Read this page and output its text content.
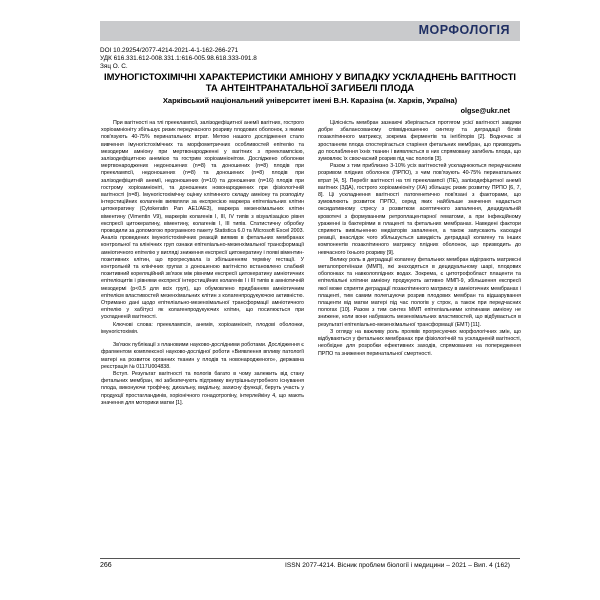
МОРФОЛОГІЯ
DOI 10.29254/2077-4214-2021-4-1-162-266-271
УДК 616.331.612-008.331.1:616-005.98.618.333-091.8
Зяц О. С.
ІМУНОГІСТОХІМІЧНІ ХАРАКТЕРИСТИКИ АМНІОНУ У ВИПАДКУ УСКЛАДНЕНЬ ВАГІТНОСТІ ТА АНТЕІНТРАНАТАЛЬНОЇ ЗАГИБЕЛІ ПЛОДА
Харківський національний університет імені В.Н. Каразіна (м. Харків, Україна)
olgse@ukr.net

При вагітності на тлі прееклампсії, залізодефіцитної анемії вагітних, гострого хоріоамніоніту збільшує ризик передчасного розриву плодових оболонок, з якими пов'язують 40-75% перинатальних втрат. Метою нашого дослідження стало вивчення імуногістохімічних та морфометричних особливостей епітелію та мезодерми амніону при мертвонародженні у вагітних з прееклампсією, залізодефіцитною анемією та гострим хоріоамніонітом. Досліджено оболонки мертвонароджених недоношених (n=8) та доношених (n=8) плодів при прееклампсії, недоношених (n=8) та доношених (n=8) плодів при залізодефіцитній анемії, недоношених (n=10) та доношених (n=16) плодів при гострому хоріоамніоніті, та доношених новонароджених при фізіологічній вагітності (n=8). Імуногістохімічну оцінку клітинного складу амніону та розподілу інтерстиційних колагенів виявляли за експресією маркера епітеліальних клітин цитокератину (Cytokeratin Pan AE1/AE3), маркера мезенхімальних клітин віментину (Vimentin V9), маркерів колагенів I, III, IV типів з візуалізацією рівня експресії цитокератину, віментину, колагенів I, III типів. Статистичну обробку проводили за допомогою програмного пакету Statistica 6.0 та Microsoft Excel 2003. Аналіз проведених імуногістохімічних реакцій виявив в фетальних мембранах контрольної та клінічних груп ознаки епітеліально-мезенхімальної трансформації амніотичного епітелію у вигляді зниження експресії цитокератину і появі віментин-позитивних клітин, що прогресувала із збільшенням терміну гестації. У контрольній та клінічних групах з доношеною вагітністю встановлено слабкий позитивний кореляційний зв'язок між рівнями експресії цитокератину амніотичних епітеліоцитів і рівнями експресії інтерстиційних колагенів I і III типів в амніотичній мезодермі (p<0,5 для всіх груп), що обумовлено придбанням амніотичним епітелієм властивостей мезенхімальних клітин з колагенпродукуючою активністю. Отримано дані щодо епітеліально-мезенхімальної трансформації амніотичного епітелію у хабітусі як колагенпродукуючих клітин, що посилюється при ускладненій вагітності.

Ключові слова: прееклампсія, анемія, хоріоамніоніт, плодові оболонки, імуногістохімія.

Зв'язок публікації з плановими науково-дослідними роботами. Дослідження є фрагментом комплексної науково-дослідної роботи «Виявлення впливу патології матері на розвиток органних тканин у плодів та новонародженого», державна реєстрація № 0117U004838.

Вступ. Результат вагітності та пологів багато в чому залежить від стану фетальних мембран, які забезпечують підтримку внутрішньоутробного існування плода, виконуючи трофічну, дихальну, видільну, захисну функції, беруть участь у продукції простагландинів, хоріонічного гонадотропіну, інтерлейкіну 4, що мають значення для моторики матки [1].

Цілісність мембран зазнаючі зберігається протягом усієї вагітності завдяки добре збалансованому співвідношенню синтезу та деградації білків позаклітинного матриксу, зокрема ферментів та інгібіторів [2]. Водночас зі зростанням плода спостерігається старіння фетальних мембран, що призводить до послаблення їхніх тканин і виявляється в них спрямовану загибель плода, що зумовлює їх своєчасний розрив під час пологів [3].

Разом з тим приблизно 3-10% усіх вагітностей ускладнюються передчасним розривом плідних оболонок (ПРПО), з чим пов'язують 40-75% перинатальних втрат [4, 5]. Перебіг вагітності на тлі прееклампсії (ПЕ), залізодефіцитної анемії вагітних (ЗДА), гострого хоріоамніоніту (ХА) збільшує ризик розвитку ПРПО [6, 7, 8]. Ці ускладнення вагітності патогенетично пов'язані з факторами, що зумовлюють розвиток ПРПО, серед яких найбільше значення надається оксидативному стресу з розвитком асептичного запалення, децидуальній кровотечі з формуванням ретроплацентарної гематоми, а при інфекційному ураженні із бактеріями в плаценті та фетальних мембранах. Наведені фактори сприяють вивільненню медіаторів запалення, а також запускають каскадні реакції, внаслідок чого збільшується швидкість деградації колагену та інших компонентів позаклітинного матриксу плідних оболонок, що призводить до невчасного їхнього розриву [9].

Велику роль в деградації колагену фетальних мембран відіграють матриксні металопротеїнази (ММП), які знаходяться в децидуальному шарі, плодових оболонках та навколоплідних водах. Зокрема, є цитотрофобласт плаценти та епітеліальні клітини амніону продукують активно ММП-9, збільшення експресії якої може сприяти деградації позаклітинного матриксу в амніотичних мембранах і плаценті, тим самим полегшуючи розрив плодових мембран та відшарування плаценти від матки матері під час пологів у строк, а також при передчасних пологах [10]. Разом з тим синтез ММП епітеліальними клітинами амніону не знижене, коли вони набувають мезенхімальних властивостей, що відбувається в результаті епітеліально-мезенхімальної трансформації (ЕМТ) [11].

З огляду на важливу роль проявів прогресуючих морфологічних змін, що відбуваються у фетальних мембранах при фізіологічній та ускладненій вагітності, необхідне для розробки ефективних заходів, спрямованих на попередження ПРПО та зниження перинатальної смертності.

266	ISSN 2077-4214. Вісник проблем біології і медицини – 2021 – Вип. 4 (162)
